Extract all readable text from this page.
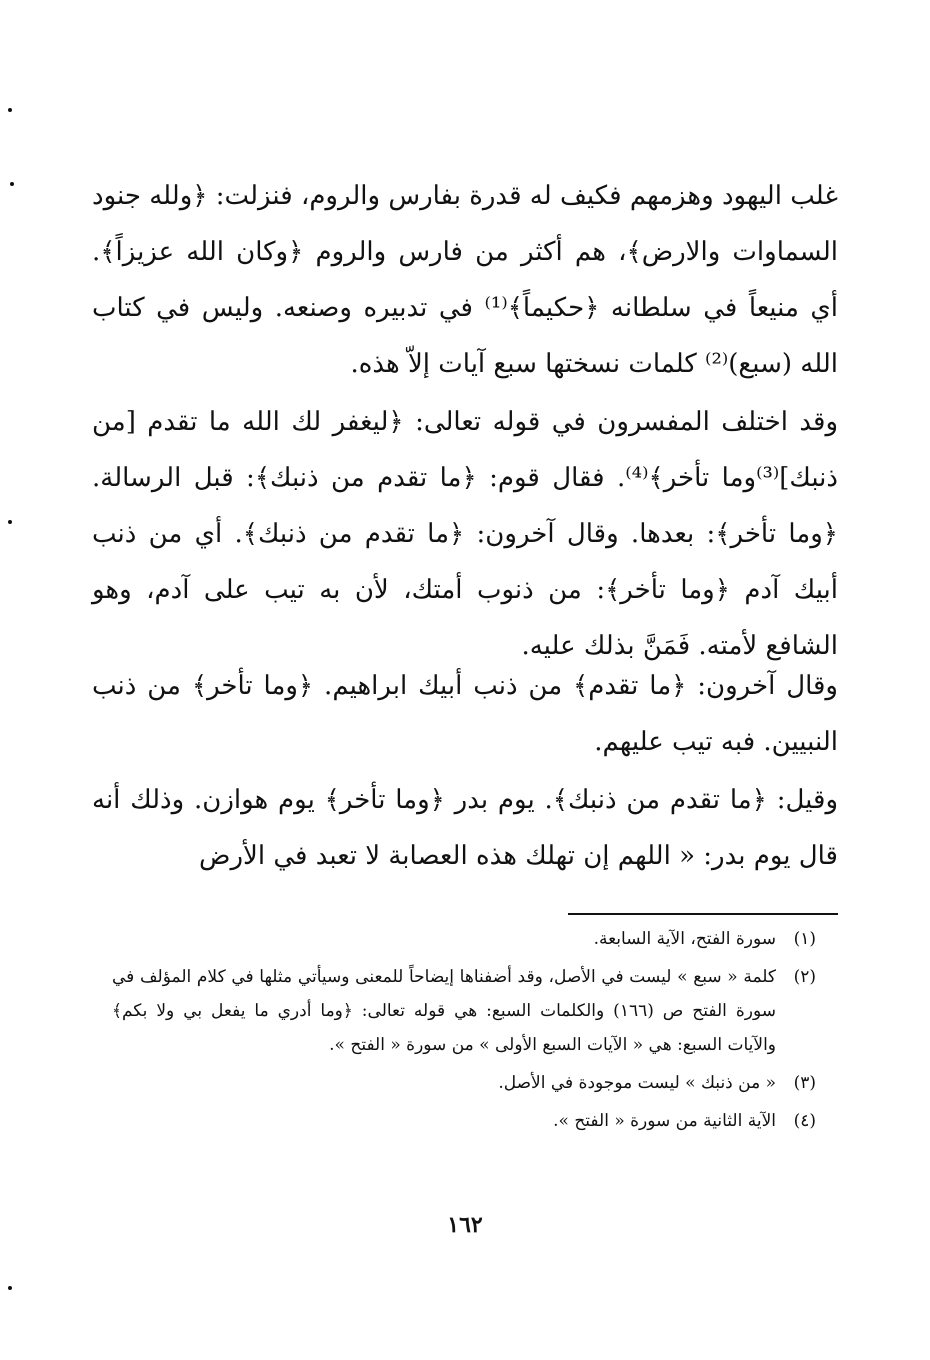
غلب اليهود وهزمهم فكيف له قدرة بفارس والروم، فنزلت: ﴿ولله جنود السماوات والارض﴾، هم أكثر من فارس والروم ﴿وكان الله عزيزاً﴾. أي منيعاً في سلطانه ﴿حكيماً﴾⁽¹⁾ في تدبيره وصنعه. وليس في كتاب الله (سبع)⁽²⁾ كلمات نسختها سبع آيات إلاّ هذه.

وقد اختلف المفسرون في قوله تعالى: ﴿ليغفر لك الله ما تقدم [من ذنبك]⁽³⁾وما تأخر﴾⁽⁴⁾. فقال قوم: ﴿ما تقدم من ذنبك﴾: قبل الرسالة. ﴿وما تأخر﴾: بعدها. وقال آخرون: ﴿ما تقدم من ذنبك﴾. أي من ذنب أبيك آدم ﴿وما تأخر﴾: من ذنوب أمتك، لأن به تيب على آدم، وهو الشافع لأمته. فَمَنَّ بذلك عليه.

وقال آخرون: ﴿ما تقدم﴾ من ذنب أبيك ابراهيم. ﴿وما تأخر﴾ من ذنب النبيين. فبه تيب عليهم.

وقيل: ﴿ما تقدم من ذنبك﴾. يوم بدر ﴿وما تأخر﴾ يوم هوازن. وذلك أنه قال يوم بدر: « اللهم إن تهلك هذه العصابة لا تعبد في الأرض

(١)
سورة الفتح، الآية السابعة.
(٢)
كلمة « سبع » ليست في الأصل، وقد أضفناها إيضاحاً للمعنى وسيأتي مثلها في كلام المؤلف في سورة الفتح ص (١٦٦) والكلمات السبع: هي قوله تعالى: ﴿وما أدري ما يفعل بي ولا بكم﴾ والآيات السبع: هي « الآيات السبع الأولى » من سورة « الفتح ».
(٣)
« من ذنبك » ليست موجودة في الأصل.
(٤)
الآية الثانية من سورة « الفتح ».
١٦٢
